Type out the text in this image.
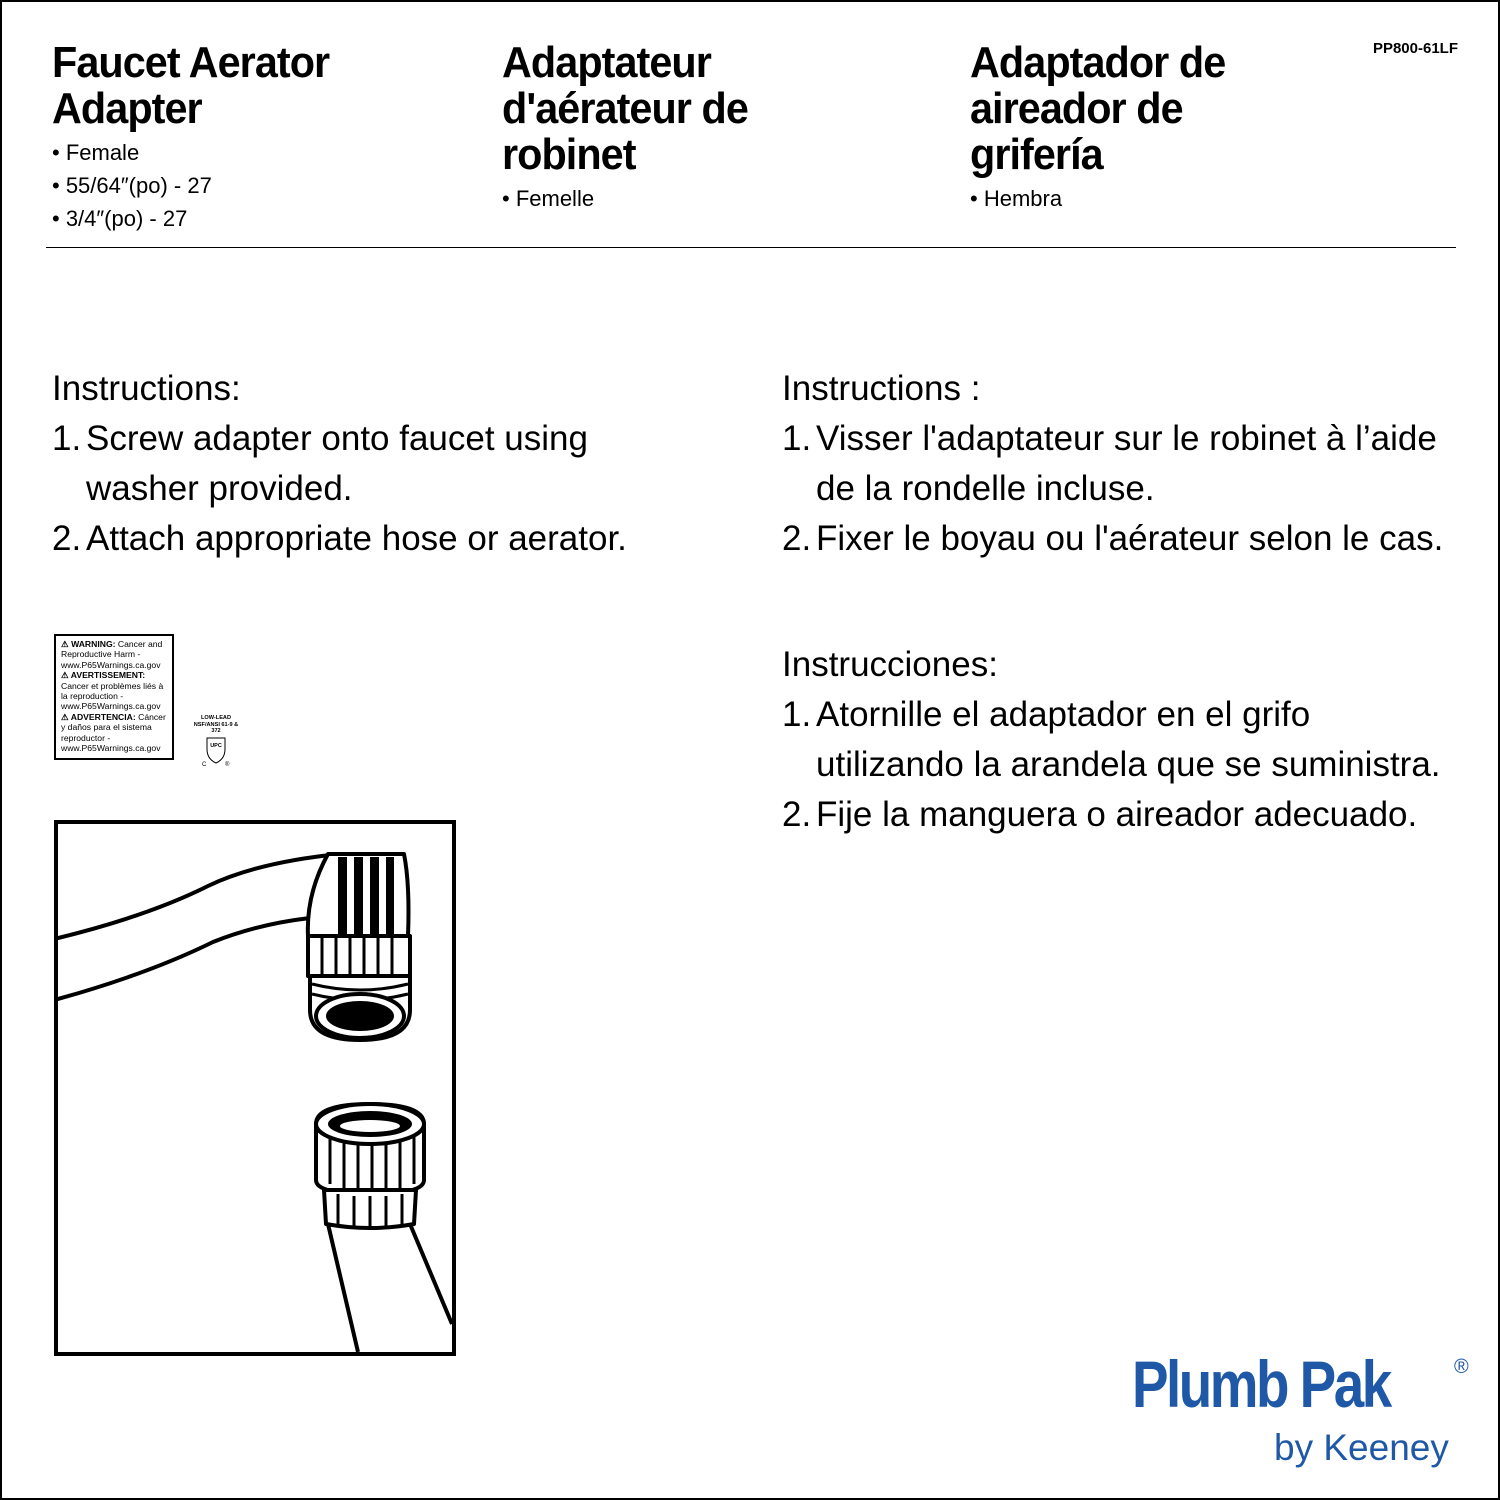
PP800-61LF
Faucet Aerator
Adapter
• Female
• 55/64″(po) - 27
• 3/4″(po) - 27
Adaptateur
d'aérateur de
robinet
• Femelle
Adaptador de
aireador de
grifería
• Hembra

Instructions:

1. Screw adapter onto faucet using washer provided.
2. Attach appropriate hose or aerator.

Instructions :

1. Visser l'adaptateur sur le robinet à l’aide de la rondelle incluse.
2. Fixer le boyau ou l'aérateur selon le cas.

Instrucciones:

1. Atornille el adaptador en el grifo utilizando la arandela que se suministra.
2. Fije la manguera o aireador adecuado.

⚠ WARNING: Cancer and Reproductive Harm - www.P65Warnings.ca.gov

⚠ AVERTISSEMENT: Cancer et problèmes liés à la reproduction - www.P65Warnings.ca.gov

⚠ ADVERTENCIA: Cáncer y daños para el sistema reproductor - www.P65Warnings.ca.gov

LOW-LEAD
NSF/ANSI 61-9 & 372
UPC
C	®
Plumb Pak	®
by Keeney
